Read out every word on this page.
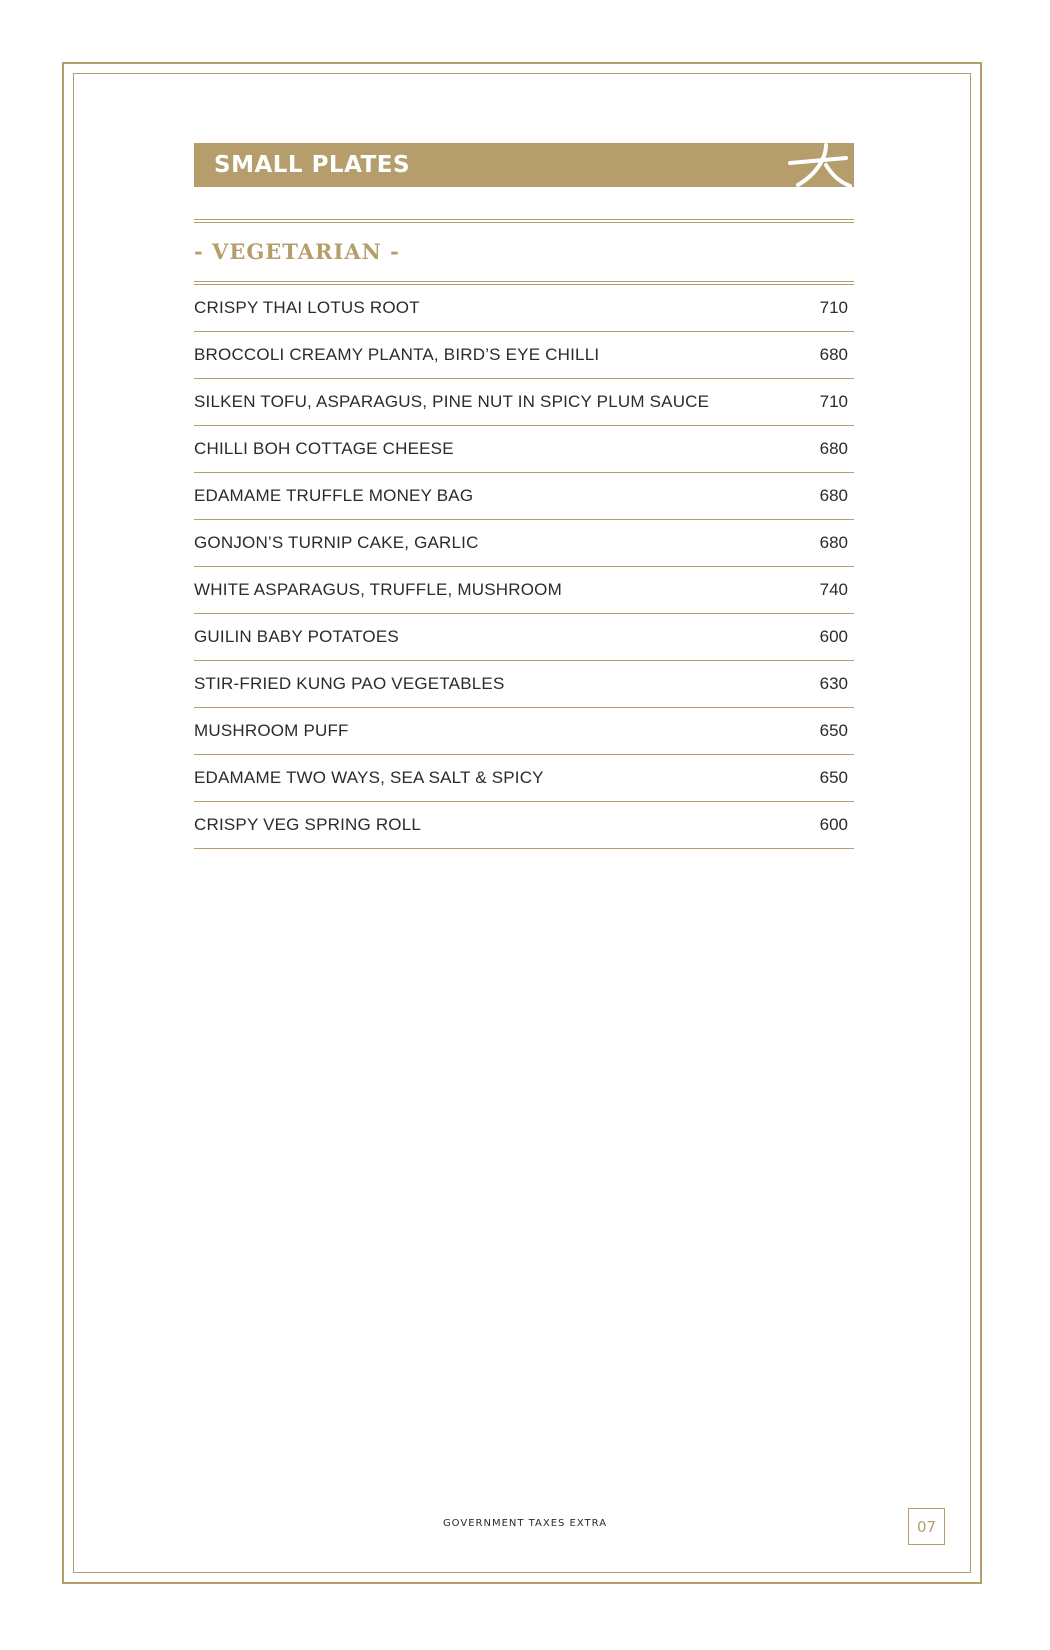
SMALL PLATES
- VEGETARIAN -
CRISPY THAI LOTUS ROOT	710
BROCCOLI CREAMY PLANTA, BIRD’S EYE CHILLI	680
SILKEN TOFU, ASPARAGUS, PINE NUT IN SPICY PLUM SAUCE	710
CHILLI BOH COTTAGE CHEESE	680
EDAMAME TRUFFLE MONEY BAG	680
GONJON’S TURNIP CAKE, GARLIC	680
WHITE ASPARAGUS, TRUFFLE, MUSHROOM	740
GUILIN BABY POTATOES	600
STIR-FRIED KUNG PAO VEGETABLES	630
MUSHROOM PUFF	650
EDAMAME TWO WAYS, SEA SALT & SPICY	650
CRISPY VEG SPRING ROLL	600
GOVERNMENT TAXES EXTRA	07
